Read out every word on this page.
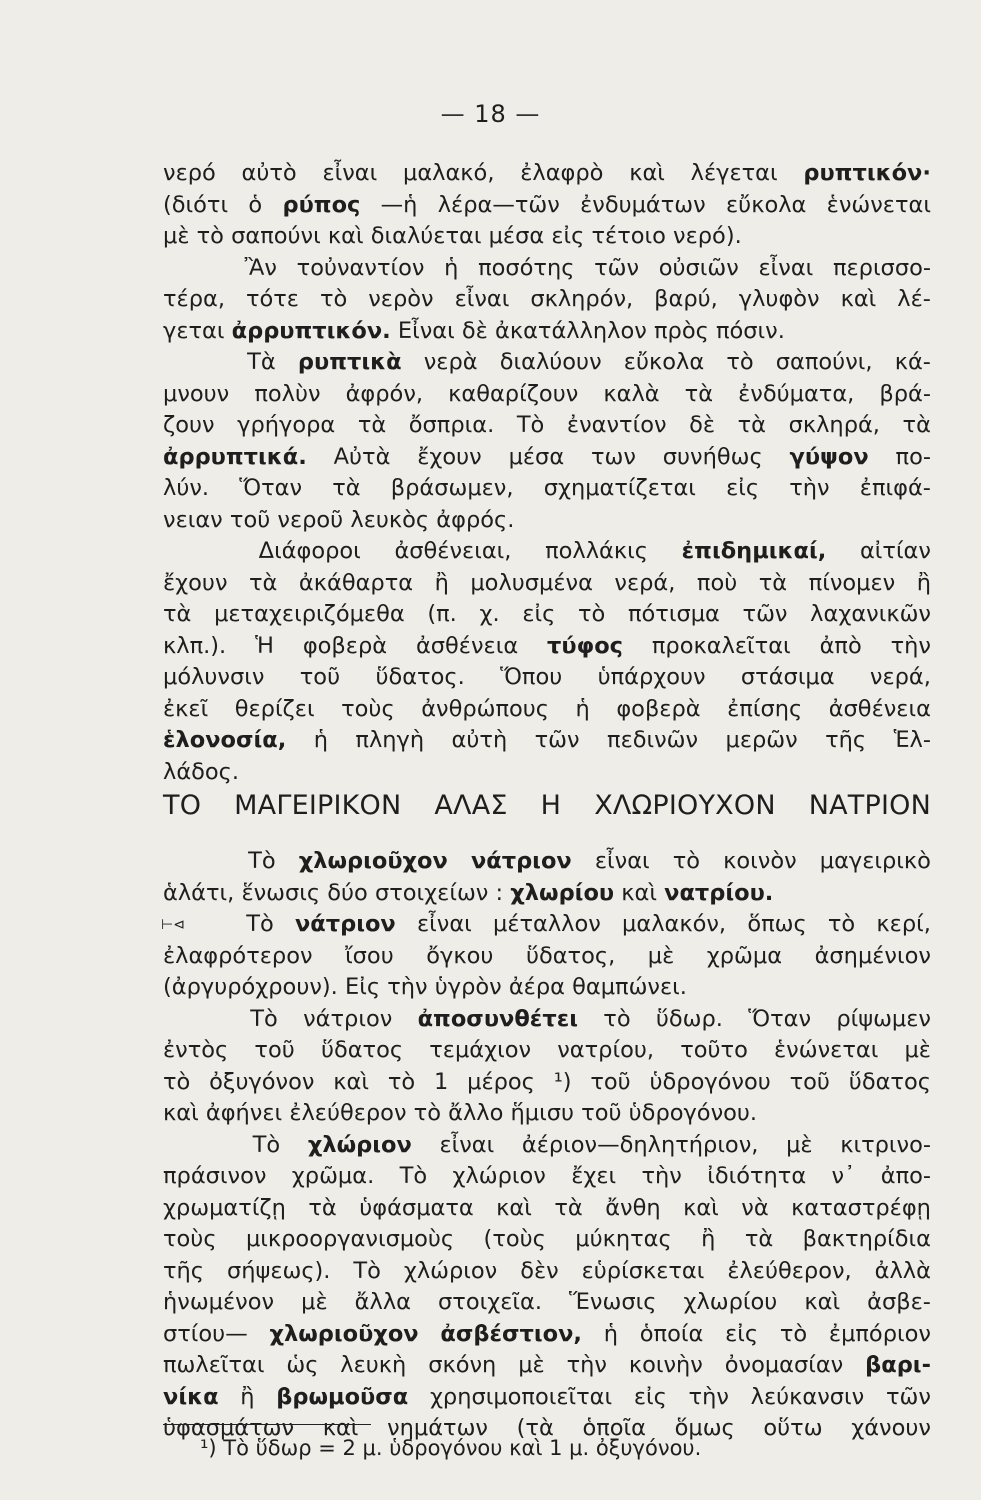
— 18 —
νερό αὐτὸ εἶναι μαλακό, ἐλαφρὸ καὶ λέγεται ρυπτικόν·
(διότι ὁ ρύπος —ἡ λέρα—τῶν ἐνδυμάτων εὔκολα ἑνώνεται
μὲ
τὸ
σαπούνι
καὶ
διαλύεται
μέσα
εἰς
τέτοιο
νερό).
Ἂν τοὐναντίον ἡ ποσότης τῶν οὐσιῶν εἶναι περισσο-
τέρα, τότε τὸ νερὸν εἶναι σκληρόν, βαρύ, γλυφὸν καὶ λέ-
γεται
ἀρρυπτικόν.
Εἶναι
δὲ
ἀκατάλληλον
πρὸς
πόσιν.
Τὰ ρυπτικὰ νερὰ διαλύουν εὔκολα τὸ σαπούνι, κά-
μνουν πολὺν ἀφρόν, καθαρίζουν καλὰ τὰ ἐνδύματα, βρά-
ζουν γρήγορα τὰ ὄσπρια. Τὸ ἐναντίον δὲ τὰ σκληρά, τὰ
ἀρρυπτικά. Αὐτὰ ἔχουν μέσα των συνήθως γύψον πο-
λύν. Ὅταν τὰ βράσωμεν, σχηματίζεται εἰς τὴν ἐπιφά-
νειαν
τοῦ
νεροῦ
λευκὸς
ἀφρός.
Διάφοροι ἀσθένειαι, πολλάκις ἐπιδημικαί, αἰτίαν
ἔχουν τὰ ἀκάθαρτα ἢ μολυσμένα νερά, ποὺ τὰ πίνομεν ἢ
τὰ μεταχειριζόμεθα (π. χ. εἰς τὸ πότισμα τῶν λαχανικῶν
κλπ.). Ἡ φοβερὰ ἀσθένεια τύφος προκαλεῖται ἀπὸ τὴν
μόλυνσιν τοῦ ὕδατος. Ὅπου ὑπάρχουν στάσιμα νερά,
ἐκεῖ θερίζει τοὺς ἀνθρώπους ἡ φοβερὰ ἐπίσης ἀσθένεια
ἑλονοσία, ἡ πληγὴ αὐτὴ τῶν πεδινῶν μερῶν τῆς Ἑλ-
λάδος.
ΤΟ ΜΑΓΕΙΡΙΚΟΝ ΑΛΑΣ Η ΧΛΩΡΙΟΥΧΟΝ ΝΑΤΡΙΟΝ
⊢⊲
Τὸ χλωριοῦχον νάτριον εἶναι τὸ κοινὸν μαγειρικὸ
ἁλάτι,
ἕνωσις
δύο
στοιχείων
:
χλωρίου
καὶ
νατρίου.
Τὸ νάτριον εἶναι μέταλλον μαλακόν, ὅπως τὸ κερί,
ἐλαφρότερον ἴσου ὄγκου ὕδατος, μὲ χρῶμα ἀσημένιον
(ἀργυρόχρουν).
Εἰς
τὴν
ὑγρὸν
ἀέρα
θαμπώνει.
Τὸ νάτριον ἀποσυνθέτει τὸ ὕδωρ. Ὅταν ρίψωμεν
ἐντὸς τοῦ ὕδατος τεμάχιον νατρίου, τοῦτο ἑνώνεται μὲ
τὸ ὀξυγόνον καὶ τὸ 1 μέρος ¹) τοῦ ὑδρογόνου τοῦ ὕδατος
καὶ
ἀφήνει
ἐλεύθερον
τὸ
ἄλλο
ἥμισυ
τοῦ
ὑδρογόνου.
Τὸ χλώριον εἶναι ἀέριον—δηλητήριον, μὲ κιτρινο-
πράσινον χρῶμα. Τὸ χλώριον ἔχει τὴν ἰδιότητα ν᾽ ἀπο-
χρωματίζῃ τὰ ὑφάσματα καὶ τὰ ἄνθη καὶ νὰ καταστρέφῃ
τοὺς μικροοργανισμοὺς (τοὺς μύκητας ἢ τὰ βακτηρίδια
τῆς σήψεως). Τὸ χλώριον δὲν εὑρίσκεται ἐλεύθερον, ἀλλὰ
ἡνωμένον μὲ ἄλλα στοιχεῖα. Ἕνωσις χλωρίου καὶ ἀσβε-
στίου— χλωριοῦχον ἀσβέστιον, ἡ ὁποία εἰς τὸ ἐμπόριον
πωλεῖται ὡς λευκὴ σκόνη μὲ τὴν κοινὴν ὀνομασίαν βαρι-
νίκα ἢ βρωμοῦσα χρησιμοποιεῖται εἰς τὴν λεύκανσιν τῶν
ὑφασμάτων καὶ νημάτων (τὰ ὁποῖα ὅμως οὕτω χάνουν
¹) Τὸ ὕδωρ = 2 μ. ὑδρογόνου καὶ 1 μ. ὀξυγόνου.
